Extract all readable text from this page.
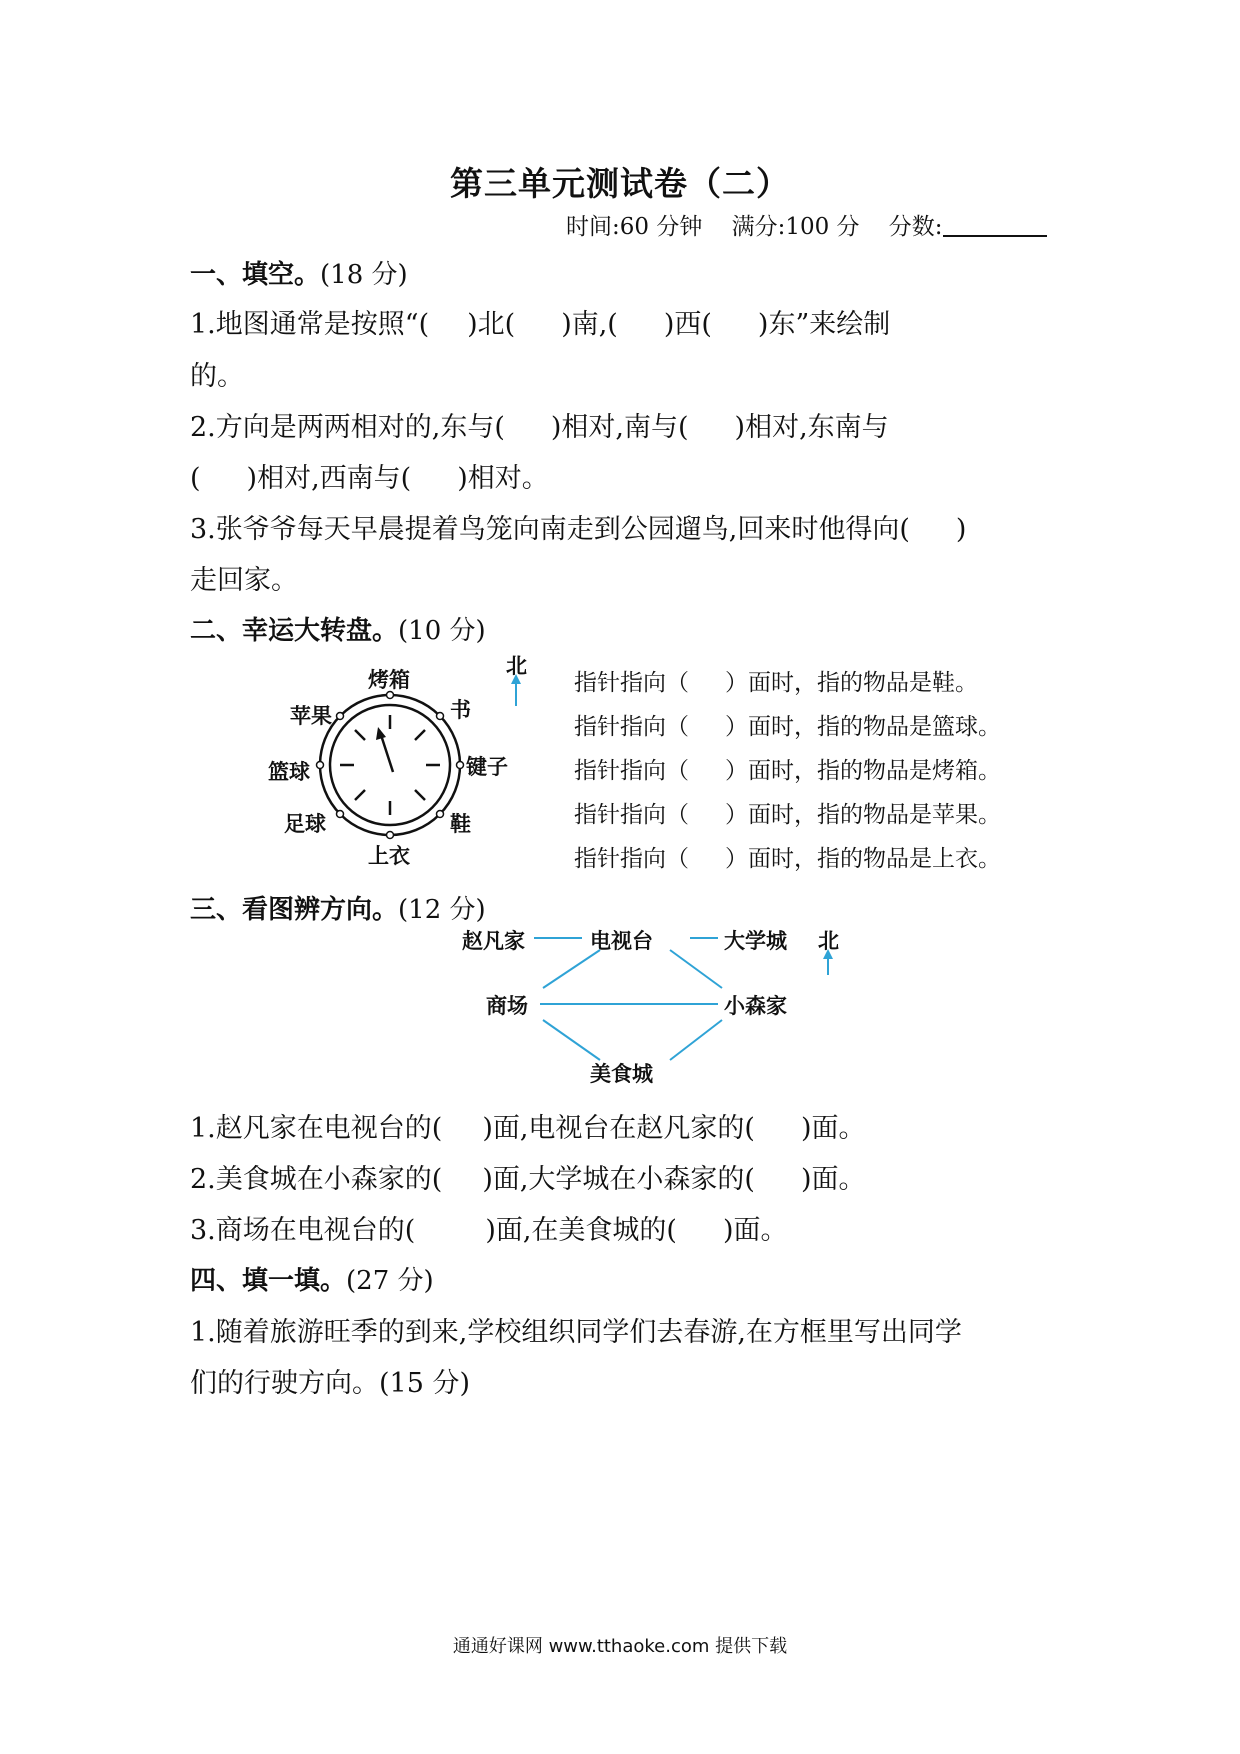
第三单元测试卷（二）
时间:60 分钟 满分:100 分 分数:
一、填空。(18 分)
1.地图通常是按照“( )北( )南,( )西( )东”来绘制
的。
2.方向是两两相对的,东与( )相对,南与( )相对,东南与
( )相对,西南与( )相对。
3.张爷爷每天早晨提着鸟笼向南走到公园遛鸟,回来时他得向( )
走回家。
二、幸运大转盘。(10 分)
烤箱
书
键子
鞋
上衣
足球
篮球
苹果
北
指针指向（ ）面时，指的物品是鞋。
指针指向（ ）面时，指的物品是篮球。
指针指向（ ）面时，指的物品是烤箱。
指针指向（ ）面时，指的物品是苹果。
指针指向（ ）面时，指的物品是上衣。
三、看图辨方向。(12 分)
赵凡家	电视台	大学城 北
商场	小森家
美食城
1.赵凡家在电视台的( )面,电视台在赵凡家的( )面。
2.美食城在小森家的( )面,大学城在小森家的( )面。
3.商场在电视台的(	)面,在美食城的( )面。
四、填一填。(27 分)
1.随着旅游旺季的到来,学校组织同学们去春游,在方框里写出同学
们的行驶方向。(15 分)
通通好课网 www.tthaoke.com 提供下载
